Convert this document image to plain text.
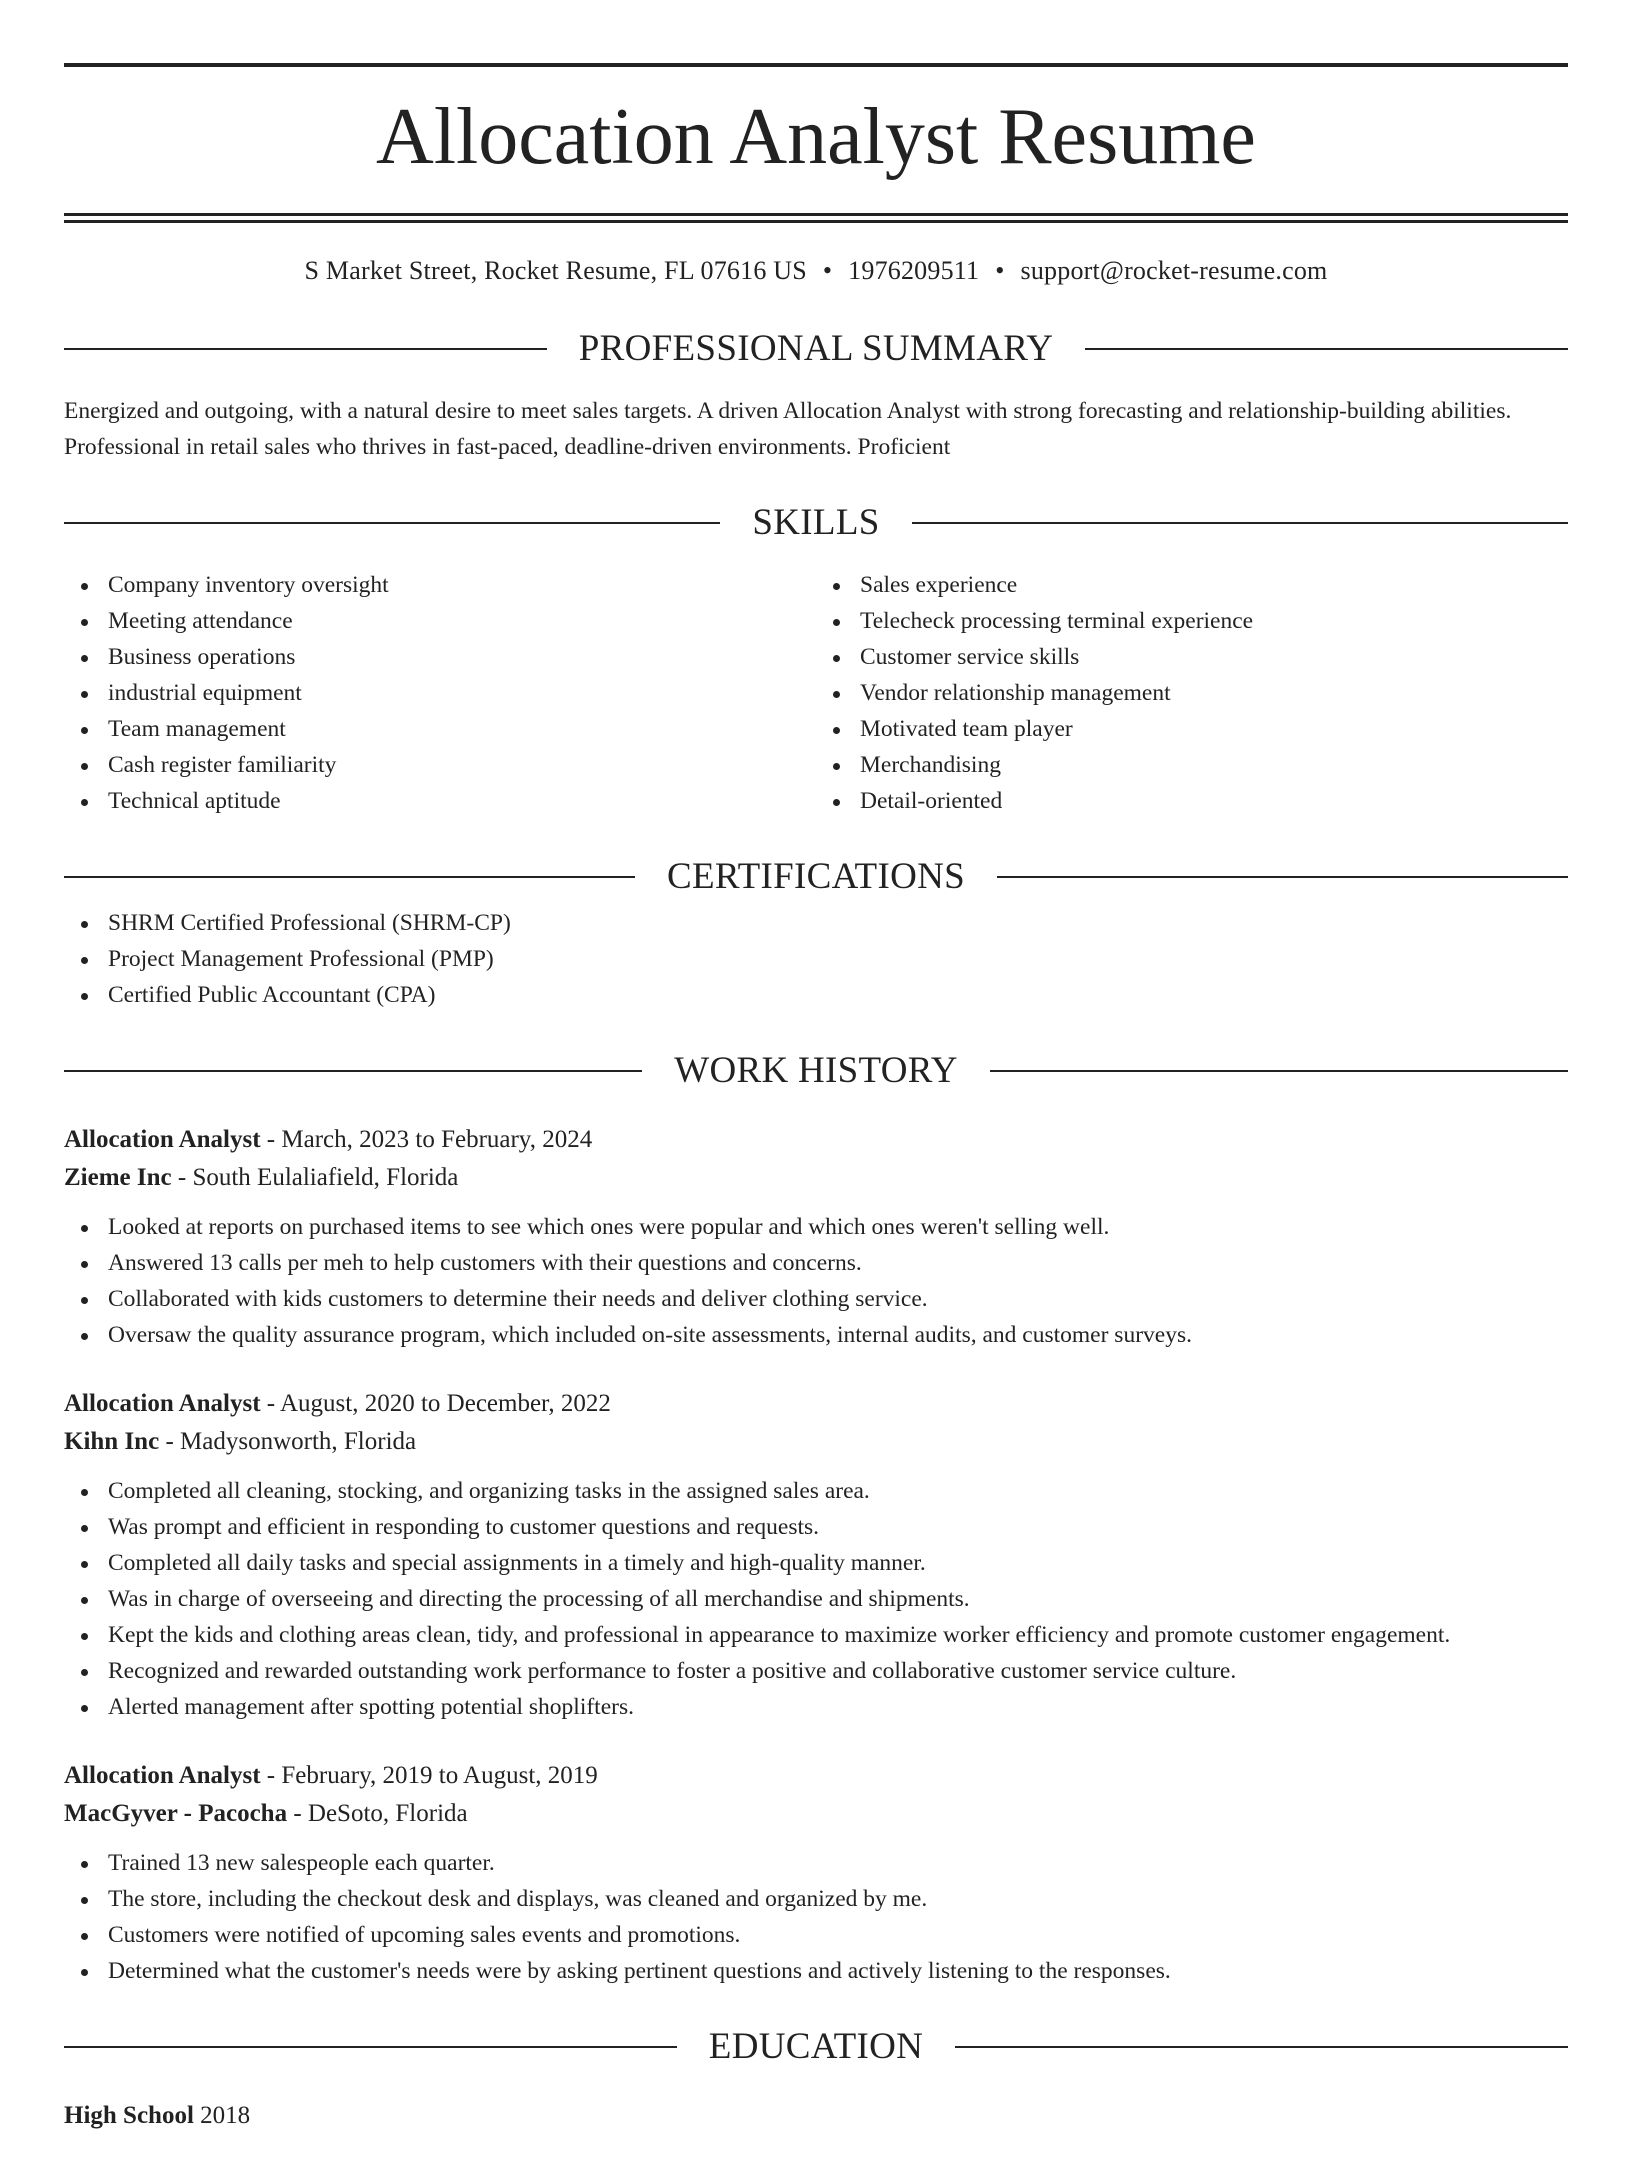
Allocation Analyst Resume
S Market Street, Rocket Resume, FL 07616 US • 1976209511 • support@rocket-resume.com
PROFESSIONAL SUMMARY
Energized and outgoing, with a natural desire to meet sales targets. A driven Allocation Analyst with strong forecasting and relationship-building abilities. Professional in retail sales who thrives in fast-paced, deadline-driven environments. Proficient
SKILLS
Company inventory oversight
Meeting attendance
Business operations
industrial equipment
Team management
Cash register familiarity
Technical aptitude
Sales experience
Telecheck processing terminal experience
Customer service skills
Vendor relationship management
Motivated team player
Merchandising
Detail-oriented
CERTIFICATIONS
SHRM Certified Professional (SHRM-CP)
Project Management Professional (PMP)
Certified Public Accountant (CPA)
WORK HISTORY
Allocation Analyst - March, 2023 to February, 2024
Zieme Inc - South Eulaliafield, Florida
Looked at reports on purchased items to see which ones were popular and which ones weren't selling well.
Answered 13 calls per meh to help customers with their questions and concerns.
Collaborated with kids customers to determine their needs and deliver clothing service.
Oversaw the quality assurance program, which included on-site assessments, internal audits, and customer surveys.
Allocation Analyst - August, 2020 to December, 2022
Kihn Inc - Madysonworth, Florida
Completed all cleaning, stocking, and organizing tasks in the assigned sales area.
Was prompt and efficient in responding to customer questions and requests.
Completed all daily tasks and special assignments in a timely and high-quality manner.
Was in charge of overseeing and directing the processing of all merchandise and shipments.
Kept the kids and clothing areas clean, tidy, and professional in appearance to maximize worker efficiency and promote customer engagement.
Recognized and rewarded outstanding work performance to foster a positive and collaborative customer service culture.
Alerted management after spotting potential shoplifters.
Allocation Analyst - February, 2019 to August, 2019
MacGyver - Pacocha - DeSoto, Florida
Trained 13 new salespeople each quarter.
The store, including the checkout desk and displays, was cleaned and organized by me.
Customers were notified of upcoming sales events and promotions.
Determined what the customer's needs were by asking pertinent questions and actively listening to the responses.
EDUCATION
High School 2018
